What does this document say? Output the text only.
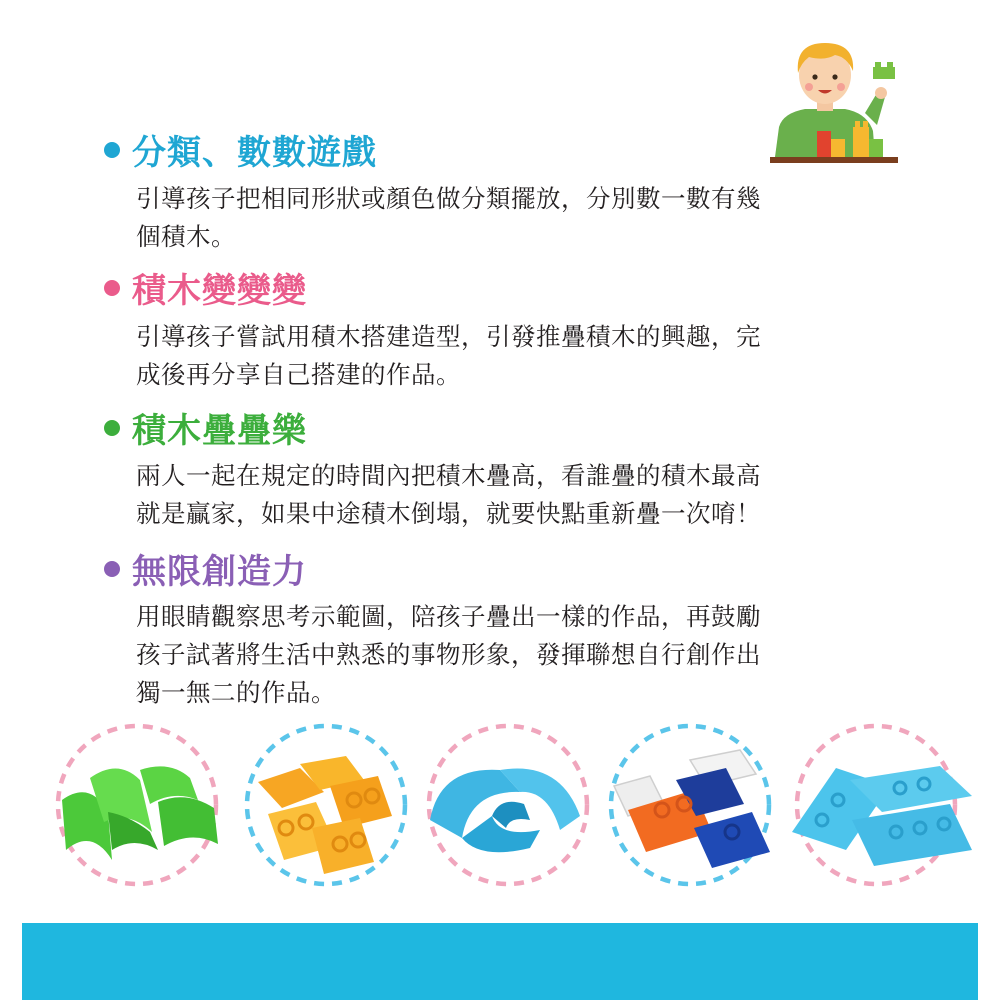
分類、數數遊戲
引導孩子把相同形狀或顏色做分類擺放，分別數一數有幾
個積木。
積木變變變
引導孩子嘗試用積木搭建造型，引發推疊積木的興趣，完
成後再分享自己搭建的作品。
積木疊疊樂
兩人一起在規定的時間內把積木疊高，看誰疊的積木最高
就是贏家，如果中途積木倒塌，就要快點重新疊一次唷！
無限創造力
用眼睛觀察思考示範圖，陪孩子疊出一樣的作品，再鼓勵
孩子試著將生活中熟悉的事物形象，發揮聯想自行創作出
獨一無二的作品。
